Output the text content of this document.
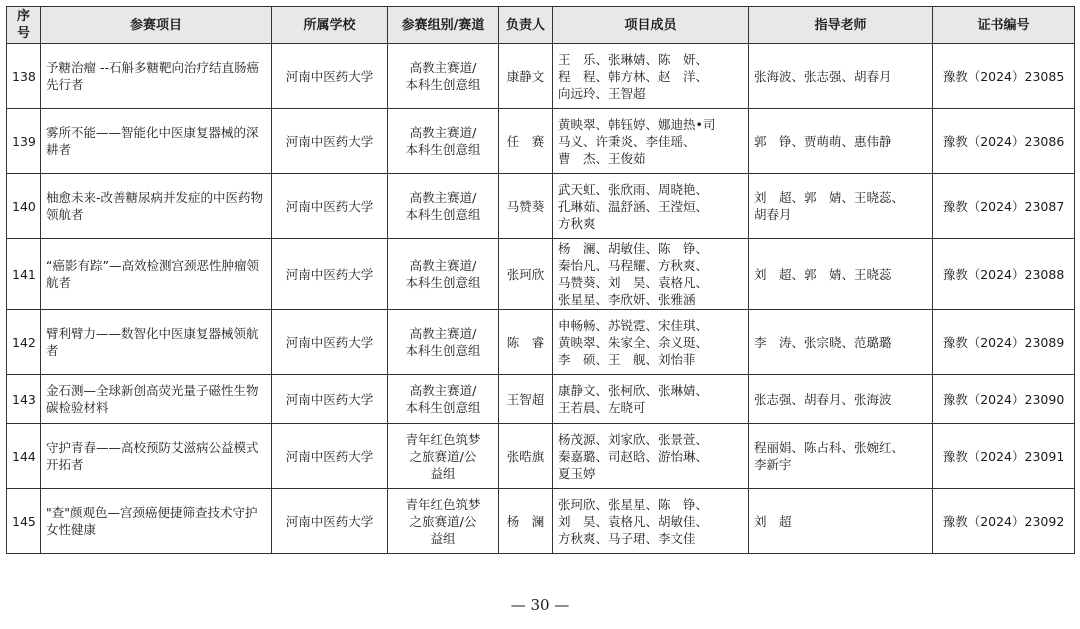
序号	参赛项目	所属学校	参赛组别/赛道	负责人	项目成员	指导老师	证书编号
138	予糖治瘤 --石斛多糖靶向治疗结直肠癌先行者	河南中医药大学	高教主赛道/
本科生创意组	康静文	王　乐、张琳婧、陈　妍、
程　程、韩方林、赵　洋、
向远玲、王智超	张海波、张志强、胡春月	豫教（2024）23085
139	雾所不能——智能化中医康复器械的深耕者	河南中医药大学	高教主赛道/
本科生创意组	任　赛	黄映翠、韩钰婷、娜迪热•司
马义、许秉炎、李佳瑶、
曹　杰、王俊茹	郭　铮、贾萌萌、惠伟静	豫教（2024）23086
140	柚愈未来-改善糖尿病并发症的中医药物领航者	河南中医药大学	高教主赛道/
本科生创意组	马赞葵	武天虹、张欣雨、周晓艳、
孔琳茹、温舒涵、王滢烜、
方秋爽	刘　超、郭　婧、王晓蕊、
胡春月	豫教（2024）23087
141	“癌影有踪”—高效检测宫颈恶性肿瘤领航者	河南中医药大学	高教主赛道/
本科生创意组	张珂欣	杨　澜、胡敏佳、陈　铮、
秦怡凡、马程耀、方秋爽、
马赞葵、刘　昊、袁格凡、
张星星、李欣妍、张雅涵	刘　超、郭　婧、王晓蕊	豫教（2024）23088
142	臂利臂力——数智化中医康复器械领航者	河南中医药大学	高教主赛道/
本科生创意组	陈　睿	申畅畅、苏锐霓、宋佳琪、
黄映翠、朱家全、余义珽、
李　硕、王　舰、刘怡菲	李　涛、张宗晓、范璐璐	豫教（2024）23089
143	金石测—全球新创高荧光量子磁性生物碳检验材料	河南中医药大学	高教主赛道/
本科生创意组	王智超	康静文、张柯欣、张琳婧、
王若晨、左晓可	张志强、胡春月、张海波	豫教（2024）23090
144	守护青春——高校预防艾滋病公益模式开拓者	河南中医药大学	青年红色筑梦
之旅赛道/公
益组	张晧旗	杨茂源、刘家欣、张景萱、
秦嘉璐、司赵晗、游怡琳、
夏玉婷	程丽娟、陈占科、张婉红、
李新宇	豫教（2024）23091
145	"查"颜观色—宫颈癌便捷筛查技术守护女性健康	河南中医药大学	青年红色筑梦
之旅赛道/公
益组	杨　澜	张珂欣、张星星、陈　铮、
刘　昊、袁格凡、胡敏佳、
方秋爽、马子珺、李文佳	刘　超	豫教（2024）23092
— 30 —
